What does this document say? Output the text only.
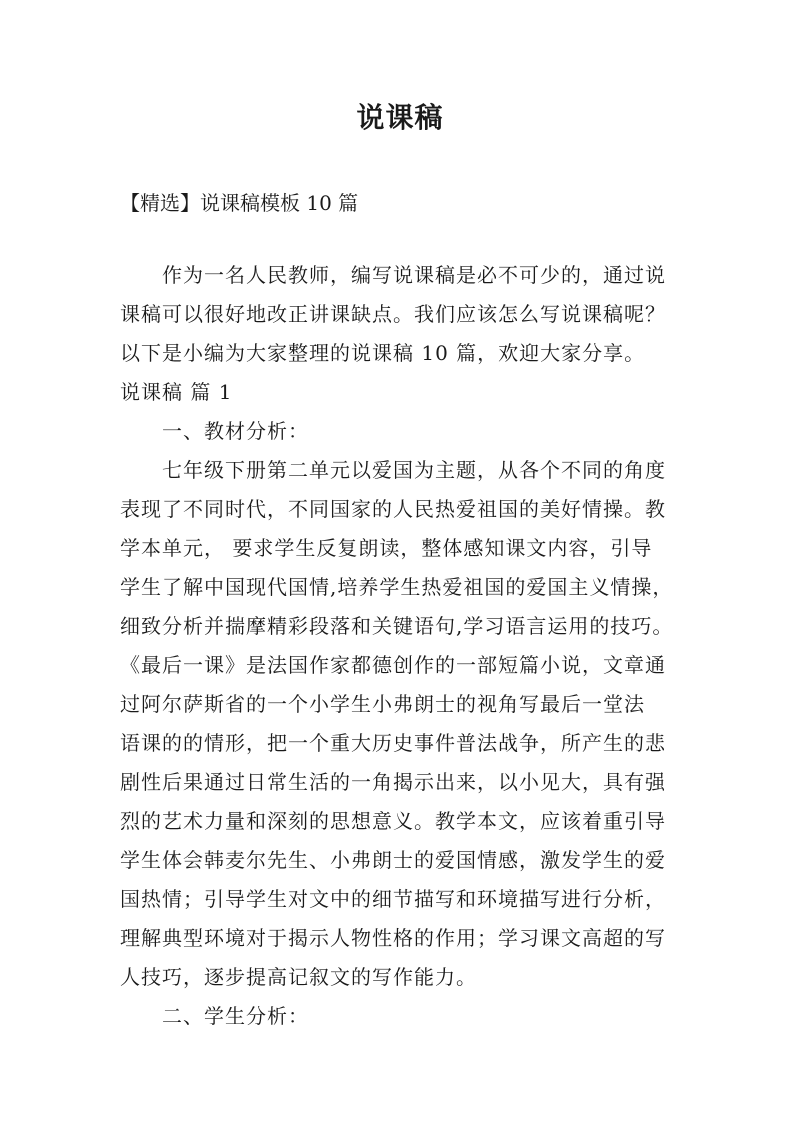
说课稿
【精选】说课稿模板 10 篇
作为一名人民教师，编写说课稿是必不可少的，通过说
课稿可以很好地改正讲课缺点。我们应该怎么写说课稿呢？
以下是小编为大家整理的说课稿 10 篇，欢迎大家分享。
说课稿 篇 1
一、教材分析：
七年级下册第二单元以爱国为主题，从各个不同的角度
表现了不同时代，不同国家的人民热爱祖国的美好情操。教
学本单元， 要求学生反复朗读，整体感知课文内容，引导
学生了解中国现代国情,培养学生热爱祖国的爱国主义情操，
细致分析并揣摩精彩段落和关键语句,学习语言运用的技巧。
《最后一课》是法国作家都德创作的一部短篇小说，文章通
过阿尔萨斯省的一个小学生小弗朗士的视角写最后一堂法
语课的的情形，把一个重大历史事件普法战争，所产生的悲
剧性后果通过日常生活的一角揭示出来，以小见大，具有强
烈的艺术力量和深刻的思想意义。教学本文，应该着重引导
学生体会韩麦尔先生、小弗朗士的爱国情感，激发学生的爱
国热情；引导学生对文中的细节描写和环境描写进行分析，
理解典型环境对于揭示人物性格的作用；学习课文高超的写
人技巧，逐步提高记叙文的写作能力。
二、学生分析：
